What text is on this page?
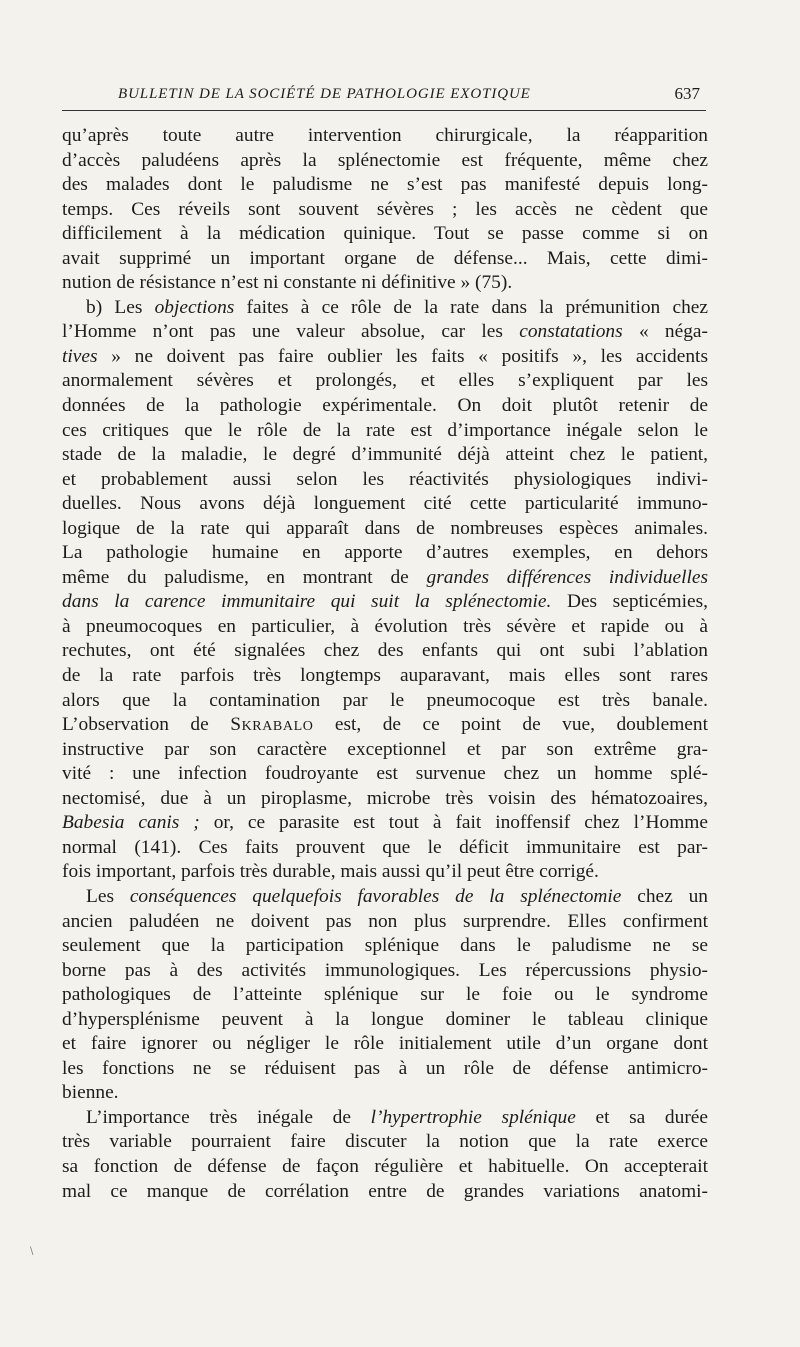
BULLETIN DE LA SOCIÉTÉ DE PATHOLOGIE EXOTIQUE	637
qu’après toute autre intervention chirurgicale, la réapparition
d’accès paludéens après la splénectomie est fréquente, même chez
des malades dont le paludisme ne s’est pas manifesté depuis long-
temps. Ces réveils sont souvent sévères ; les accès ne cèdent que
difficilement à la médication quinique. Tout se passe comme si on
avait supprimé un important organe de défense... Mais, cette dimi-
nution de résistance n’est ni constante ni définitive » (75).
b) Les objections faites à ce rôle de la rate dans la prémunition chez
l’Homme n’ont pas une valeur absolue, car les constatations « néga-
tives » ne doivent pas faire oublier les faits « positifs », les accidents
anormalement sévères et prolongés, et elles s’expliquent par les
données de la pathologie expérimentale. On doit plutôt retenir de
ces critiques que le rôle de la rate est d’importance inégale selon le
stade de la maladie, le degré d’immunité déjà atteint chez le patient,
et probablement aussi selon les réactivités physiologiques indivi-
duelles. Nous avons déjà longuement cité cette particularité immuno-
logique de la rate qui apparaît dans de nombreuses espèces animales.
La pathologie humaine en apporte d’autres exemples, en dehors
même du paludisme, en montrant de grandes différences individuelles
dans la carence immunitaire qui suit la splénectomie. Des septicémies,
à pneumocoques en particulier, à évolution très sévère et rapide ou à
rechutes, ont été signalées chez des enfants qui ont subi l’ablation
de la rate parfois très longtemps auparavant, mais elles sont rares
alors que la contamination par le pneumocoque est très banale.
L’observation de Skrabalo est, de ce point de vue, doublement
instructive par son caractère exceptionnel et par son extrême gra-
vité : une infection foudroyante est survenue chez un homme splé-
nectomisé, due à un piroplasme, microbe très voisin des hématozoaires,
Babesia canis ; or, ce parasite est tout à fait inoffensif chez l’Homme
normal (141). Ces faits prouvent que le déficit immunitaire est par-
fois important, parfois très durable, mais aussi qu’il peut être corrigé.
Les conséquences quelquefois favorables de la splénectomie chez un
ancien paludéen ne doivent pas non plus surprendre. Elles confirment
seulement que la participation splénique dans le paludisme ne se
borne pas à des activités immunologiques. Les répercussions physio-
pathologiques de l’atteinte splénique sur le foie ou le syndrome
d’hypersplénisme peuvent à la longue dominer le tableau clinique
et faire ignorer ou négliger le rôle initialement utile d’un organe dont
les fonctions ne se réduisent pas à un rôle de défense antimicro-
bienne.
L’importance très inégale de l’hypertrophie splénique et sa durée
très variable pourraient faire discuter la notion que la rate exerce
sa fonction de défense de façon régulière et habituelle. On accepterait
mal ce manque de corrélation entre de grandes variations anatomi-
\
